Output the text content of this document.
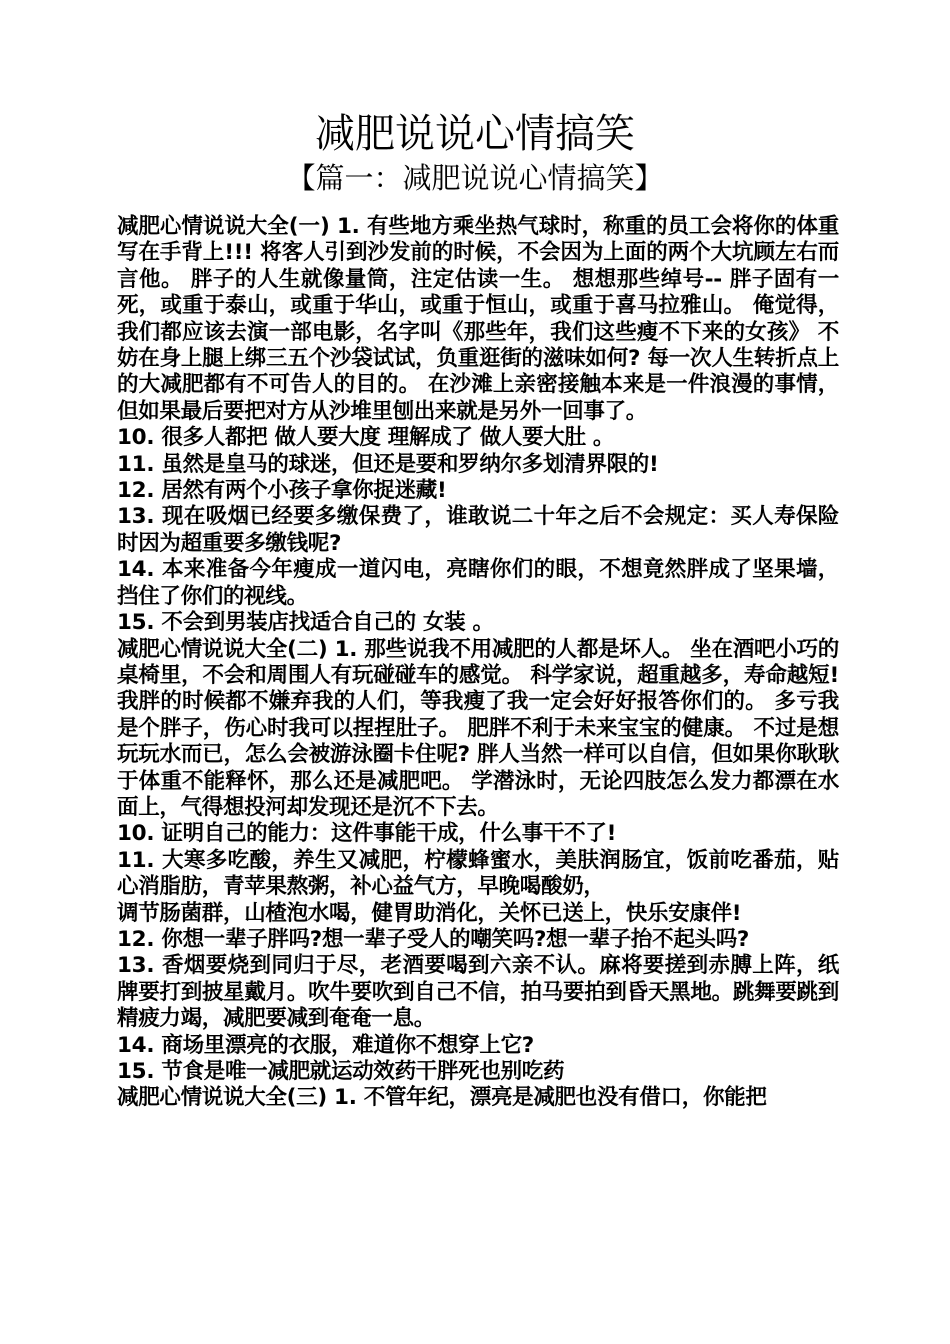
减肥说说心情搞笑
【篇一：减肥说说心情搞笑】

减肥心情说说大全(一) 1. 有些地方乘坐热气球时，称重的员工会将你的体重写在手背上!!! 将客人引到沙发前的时候，不会因为上面的两个大坑顾左右而言他。 胖子的人生就像量筒，注定估读一生。 想想那些绰号-- 胖子固有一死，或重于泰山，或重于华山，或重于恒山，或重于喜马拉雅山。 俺觉得，我们都应该去演一部电影，名字叫《那些年，我们这些瘦不下来的女孩》 不妨在身上腿上绑三五个沙袋试试，负重逛街的滋味如何? 每一次人生转折点上的大减肥都有不可告人的目的。 在沙滩上亲密接触本来是一件浪漫的事情，但如果最后要把对方从沙堆里刨出来就是另外一回事了。

10. 很多人都把 做人要大度 理解成了 做人要大肚 。

11. 虽然是皇马的球迷，但还是要和罗纳尔多划清界限的!

12. 居然有两个小孩子拿你捉迷藏!

13. 现在吸烟已经要多缴保费了，谁敢说二十年之后不会规定：买人寿保险时因为超重要多缴钱呢?

14. 本来准备今年瘦成一道闪电，亮瞎你们的眼，不想竟然胖成了坚果墙，挡住了你们的视线。

15. 不会到男装店找适合自己的 女装 。

减肥心情说说大全(二) 1. 那些说我不用减肥的人都是坏人。 坐在酒吧小巧的桌椅里，不会和周围人有玩碰碰车的感觉。 科学家说，超重越多，寿命越短! 我胖的时候都不嫌弃我的人们，等我瘦了我一定会好好报答你们的。 多亏我是个胖子，伤心时我可以捏捏肚子。 肥胖不利于未来宝宝的健康。 不过是想玩玩水而已，怎么会被游泳圈卡住呢? 胖人当然一样可以自信，但如果你耿耿于体重不能释怀，那么还是减肥吧。 学潜泳时，无论四肢怎么发力都漂在水面上，气得想投河却发现还是沉不下去。

10. 证明自己的能力：这件事能干成，什么事干不了!

11. 大寒多吃酸，养生又减肥，柠檬蜂蜜水，美肤润肠宜，饭前吃番茄，贴心消脂肪，青苹果熬粥，补心益气方，早晚喝酸奶，

调节肠菌群，山楂泡水喝，健胃助消化，关怀已送上，快乐安康伴!

12. 你想一辈子胖吗?想一辈子受人的嘲笑吗?想一辈子抬不起头吗?

13. 香烟要烧到同归于尽，老酒要喝到六亲不认。麻将要搓到赤膊上阵，纸牌要打到披星戴月。吹牛要吹到自己不信，拍马要拍到昏天黑地。跳舞要跳到精疲力竭，减肥要减到奄奄一息。

14. 商场里漂亮的衣服，难道你不想穿上它?

15. 节食是唯一减肥就运动效药干胖死也别吃药

减肥心情说说大全(三) 1. 不管年纪，漂亮是减肥也没有借口，你能把
